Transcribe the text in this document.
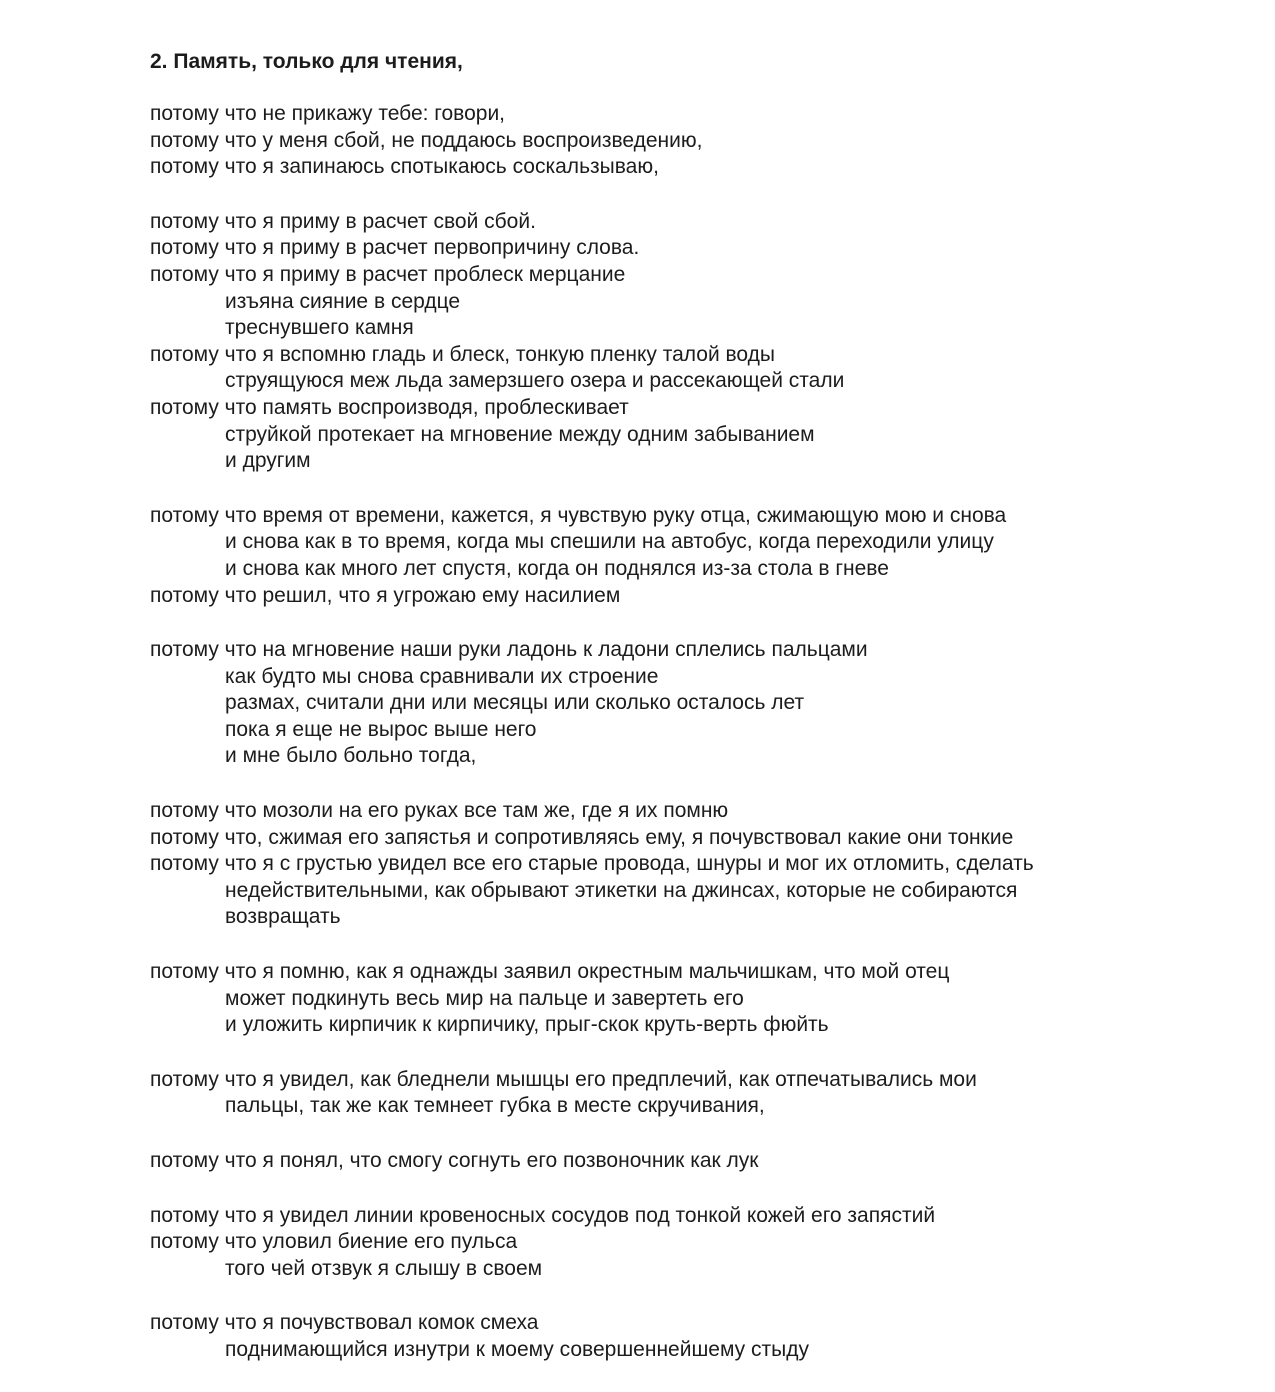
2. Память, только для чтения,
потому что не прикажу тебе: говори,
потому что у меня сбой, не поддаюсь воспроизведению,
потому что я запинаюсь спотыкаюсь соскальзываю,
потому что я приму в расчет свой сбой.
потому что я приму в расчет первопричину слова.
потому что я приму в расчет проблеск мерцание
изъяна сияние в сердце
треснувшего камня
потому что я вспомню гладь и блеск, тонкую пленку талой воды
струящуюся меж льда замерзшего озера и рассекающей стали
потому что память воспроизводя, проблескивает
струйкой протекает на мгновение между одним забыванием
и другим
потому что время от времени, кажется, я чувствую руку отца, сжимающую мою и снова
и снова как в то время, когда мы спешили на автобус, когда переходили улицу
и снова как много лет спустя, когда он поднялся из-за стола в гневе
потому что решил, что я угрожаю ему насилием
потому что на мгновение наши руки ладонь к ладони сплелись пальцами
как будто мы снова сравнивали их строение
размах, считали дни или месяцы или сколько осталось лет
пока я еще не вырос выше него
и мне было больно тогда,
потому что мозоли на его руках все там же, где я их помню
потому что, сжимая его запястья и сопротивляясь ему, я почувствовал какие они тонкие
потому что я с грустью увидел все его старые провода, шнуры и мог их отломить, сделать
недействительными, как обрывают этикетки на джинсах, которые не собираются
возвращать
потому что я помню, как я однажды заявил окрестным мальчишкам, что мой отец
может подкинуть весь мир на пальце и завертеть его
и уложить кирпичик к кирпичику, прыг-скок круть-верть фюйть
потому что я увидел, как бледнели мышцы его предплечий, как отпечатывались мои
пальцы, так же как темнеет губка в месте скручивания,
потому что я понял, что смогу согнуть его позвоночник как лук
потому что я увидел линии кровеносных сосудов под тонкой кожей его запястий
потому что уловил биение его пульса
того чей отзвук я слышу в своем
потому что я почувствовал комок смеха
поднимающийся изнутри к моему совершеннейшему стыду
